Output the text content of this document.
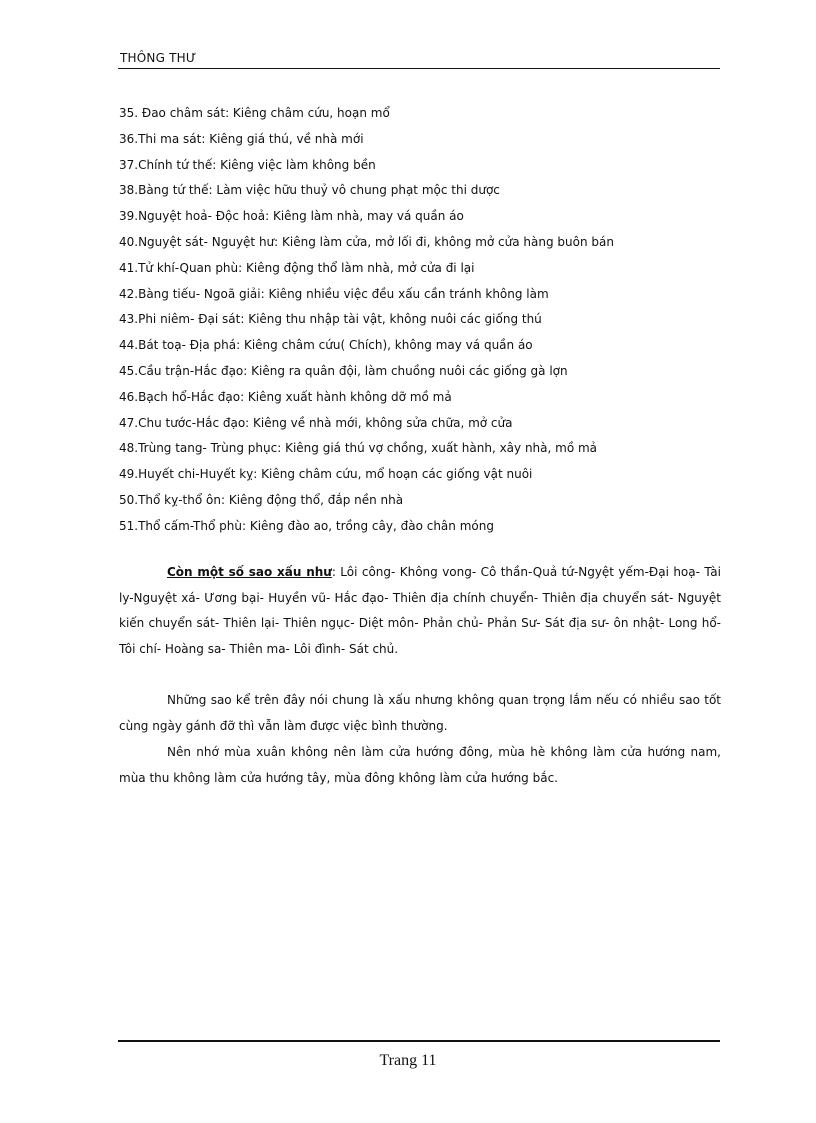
THÔNG THƯ
35. Đao châm sát: Kiêng châm cứu, hoạn mổ
36.Thi ma sát: Kiêng giá thú, về nhà mới
37.Chính tứ thế: Kiêng việc làm không bền
38.Bàng tứ thế: Làm việc hữu thuỷ vô chung phạt mộc thi dược
39.Nguyệt hoả- Độc hoả: Kiêng làm nhà, may vá quần áo
40.Nguyệt sát- Nguyệt hư: Kiêng làm cửa, mở lối đi, không mở cửa hàng buôn bán
41.Tử khí-Quan phù: Kiêng động thổ làm nhà, mở cửa đi lại
42.Bàng tiếu- Ngoã giải: Kiêng nhiều việc đều xấu cần tránh không làm
43.Phi niêm- Đại sát: Kiêng thu nhập tài vật, không nuôi các giống thú
44.Bát toạ- Địa phá: Kiêng châm cứu( Chích), không may vá quần áo
45.Cầu trận-Hắc đạo: Kiêng ra quân đội, làm chuồng nuôi các giống gà lợn
46.Bạch hổ-Hắc đạo: Kiêng xuất hành không dỡ mồ mả
47.Chu tước-Hắc đạo: Kiêng về nhà mới, không sửa chữa, mở cửa
48.Trùng tang- Trùng phục: Kiêng giá thú vợ chồng, xuất hành, xây nhà, mồ mả
49.Huyết chi-Huyết kỵ: Kiêng châm cứu, mổ hoạn các giống vật nuôi
50.Thổ kỵ-thổ ôn: Kiêng động thổ, đắp nền nhà
51.Thổ cấm-Thổ phù: Kiêng đào ao, trồng cây, đào chân móng

Còn một số sao xấu như: Lôi công- Không vong- Cô thần-Quả tứ-Ngyệt yếm-Đại hoạ- Tài ly-Nguyệt xá- Ương bại- Huyền vũ- Hắc đạo- Thiên địa chính chuyển- Thiên địa chuyển sát- Nguyệt kiến chuyển sát- Thiên lại- Thiên ngục- Diệt môn- Phản chủ- Phản Sư- Sát địa sư- ôn nhật- Long hổ- Tôi chí- Hoàng sa- Thiên ma- Lôi đình- Sát chủ.

Những sao kể trên đây nói chung là xấu nhưng không quan trọng lắm nếu có nhiều sao tốt cùng ngày gánh đỡ thì vẫn làm được việc bình thường.

Nên nhớ mùa xuân không nên làm cửa hướng đông, mùa hè không làm cửa hướng nam, mùa thu không làm cửa hướng tây, mùa đông không làm cửa hướng bắc.

Trang 11
